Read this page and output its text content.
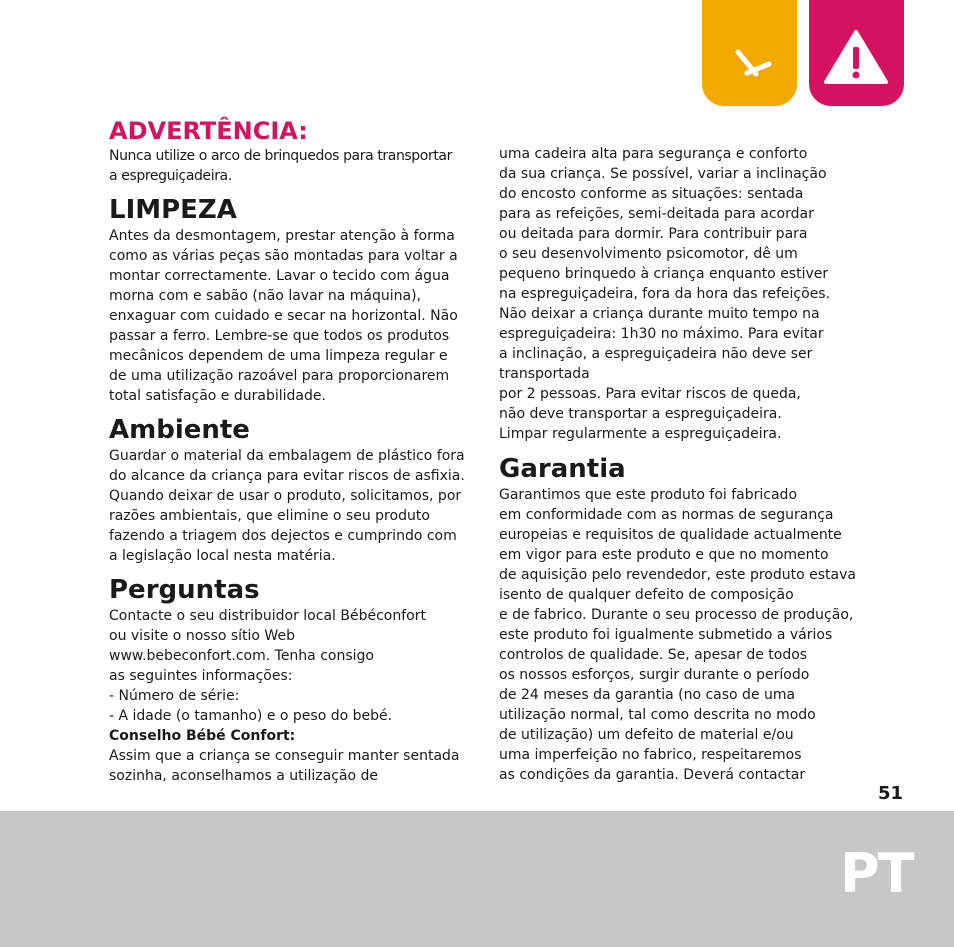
ADVERTÊNCIA:
Nunca utilize o arco de brinquedos para transportar
a espreguiçadeira.
LIMPEZA
Antes da desmontagem, prestar atenção à forma
como as várias peças são montadas para voltar a
montar correctamente. Lavar o tecido com água
morna com e sabão (não lavar na máquina),
enxaguar com cuidado e secar na horizontal. Não
passar a ferro. Lembre-se que todos os produtos
mecânicos dependem de uma limpeza regular e
de uma utilização razoável para proporcionarem
total satisfação e durabilidade.
Ambiente
Guardar o material da embalagem de plástico fora
do alcance da criança para evitar riscos de asfixia.
Quando deixar de usar o produto, solicitamos, por
razões ambientais, que elimine o seu produto
fazendo a triagem dos dejectos e cumprindo com
a legislação local nesta matéria.
Perguntas
Contacte o seu distribuidor local Bébéconfort
ou visite o nosso sítio Web
www.bebeconfort.com. Tenha consigo
as seguintes informações:
- Número de série:
- A idade (o tamanho) e o peso do bebé.
Conselho Bébé Confort:
Assim que a criança se conseguir manter sentada
sozinha, aconselhamos a utilização de
uma cadeira alta para segurança e conforto
da sua criança. Se possível, variar a inclinação
do encosto conforme as situações: sentada
para as refeições, semi-deitada para acordar
ou deitada para dormir. Para contribuir para
o seu desenvolvimento psicomotor, dê um
pequeno brinquedo à criança enquanto estiver
na espreguiçadeira, fora da hora das refeições.
Não deixar a criança durante muito tempo na
espreguiçadeira: 1h30 no máximo. Para evitar
a inclinação, a espreguiçadeira não deve ser
transportada
por 2 pessoas. Para evitar riscos de queda,
não deve transportar a espreguiçadeira.
Limpar regularmente a espreguiçadeira.
Garantia
Garantimos que este produto foi fabricado
em conformidade com as normas de segurança
europeias e requisitos de qualidade actualmente
em vigor para este produto e que no momento
de aquisição pelo revendedor, este produto estava
isento de qualquer defeito de composição
e de fabrico. Durante o seu processo de produção,
este produto foi igualmente submetido a vários
controlos de qualidade. Se, apesar de todos
os nossos esforços, surgir durante o período
de 24 meses da garantia (no caso de uma
utilização normal, tal como descrita no modo
de utilização) um defeito de material e/ou
uma imperfeição no fabrico, respeitaremos
as condições da garantia. Deverá contactar
51
PT
